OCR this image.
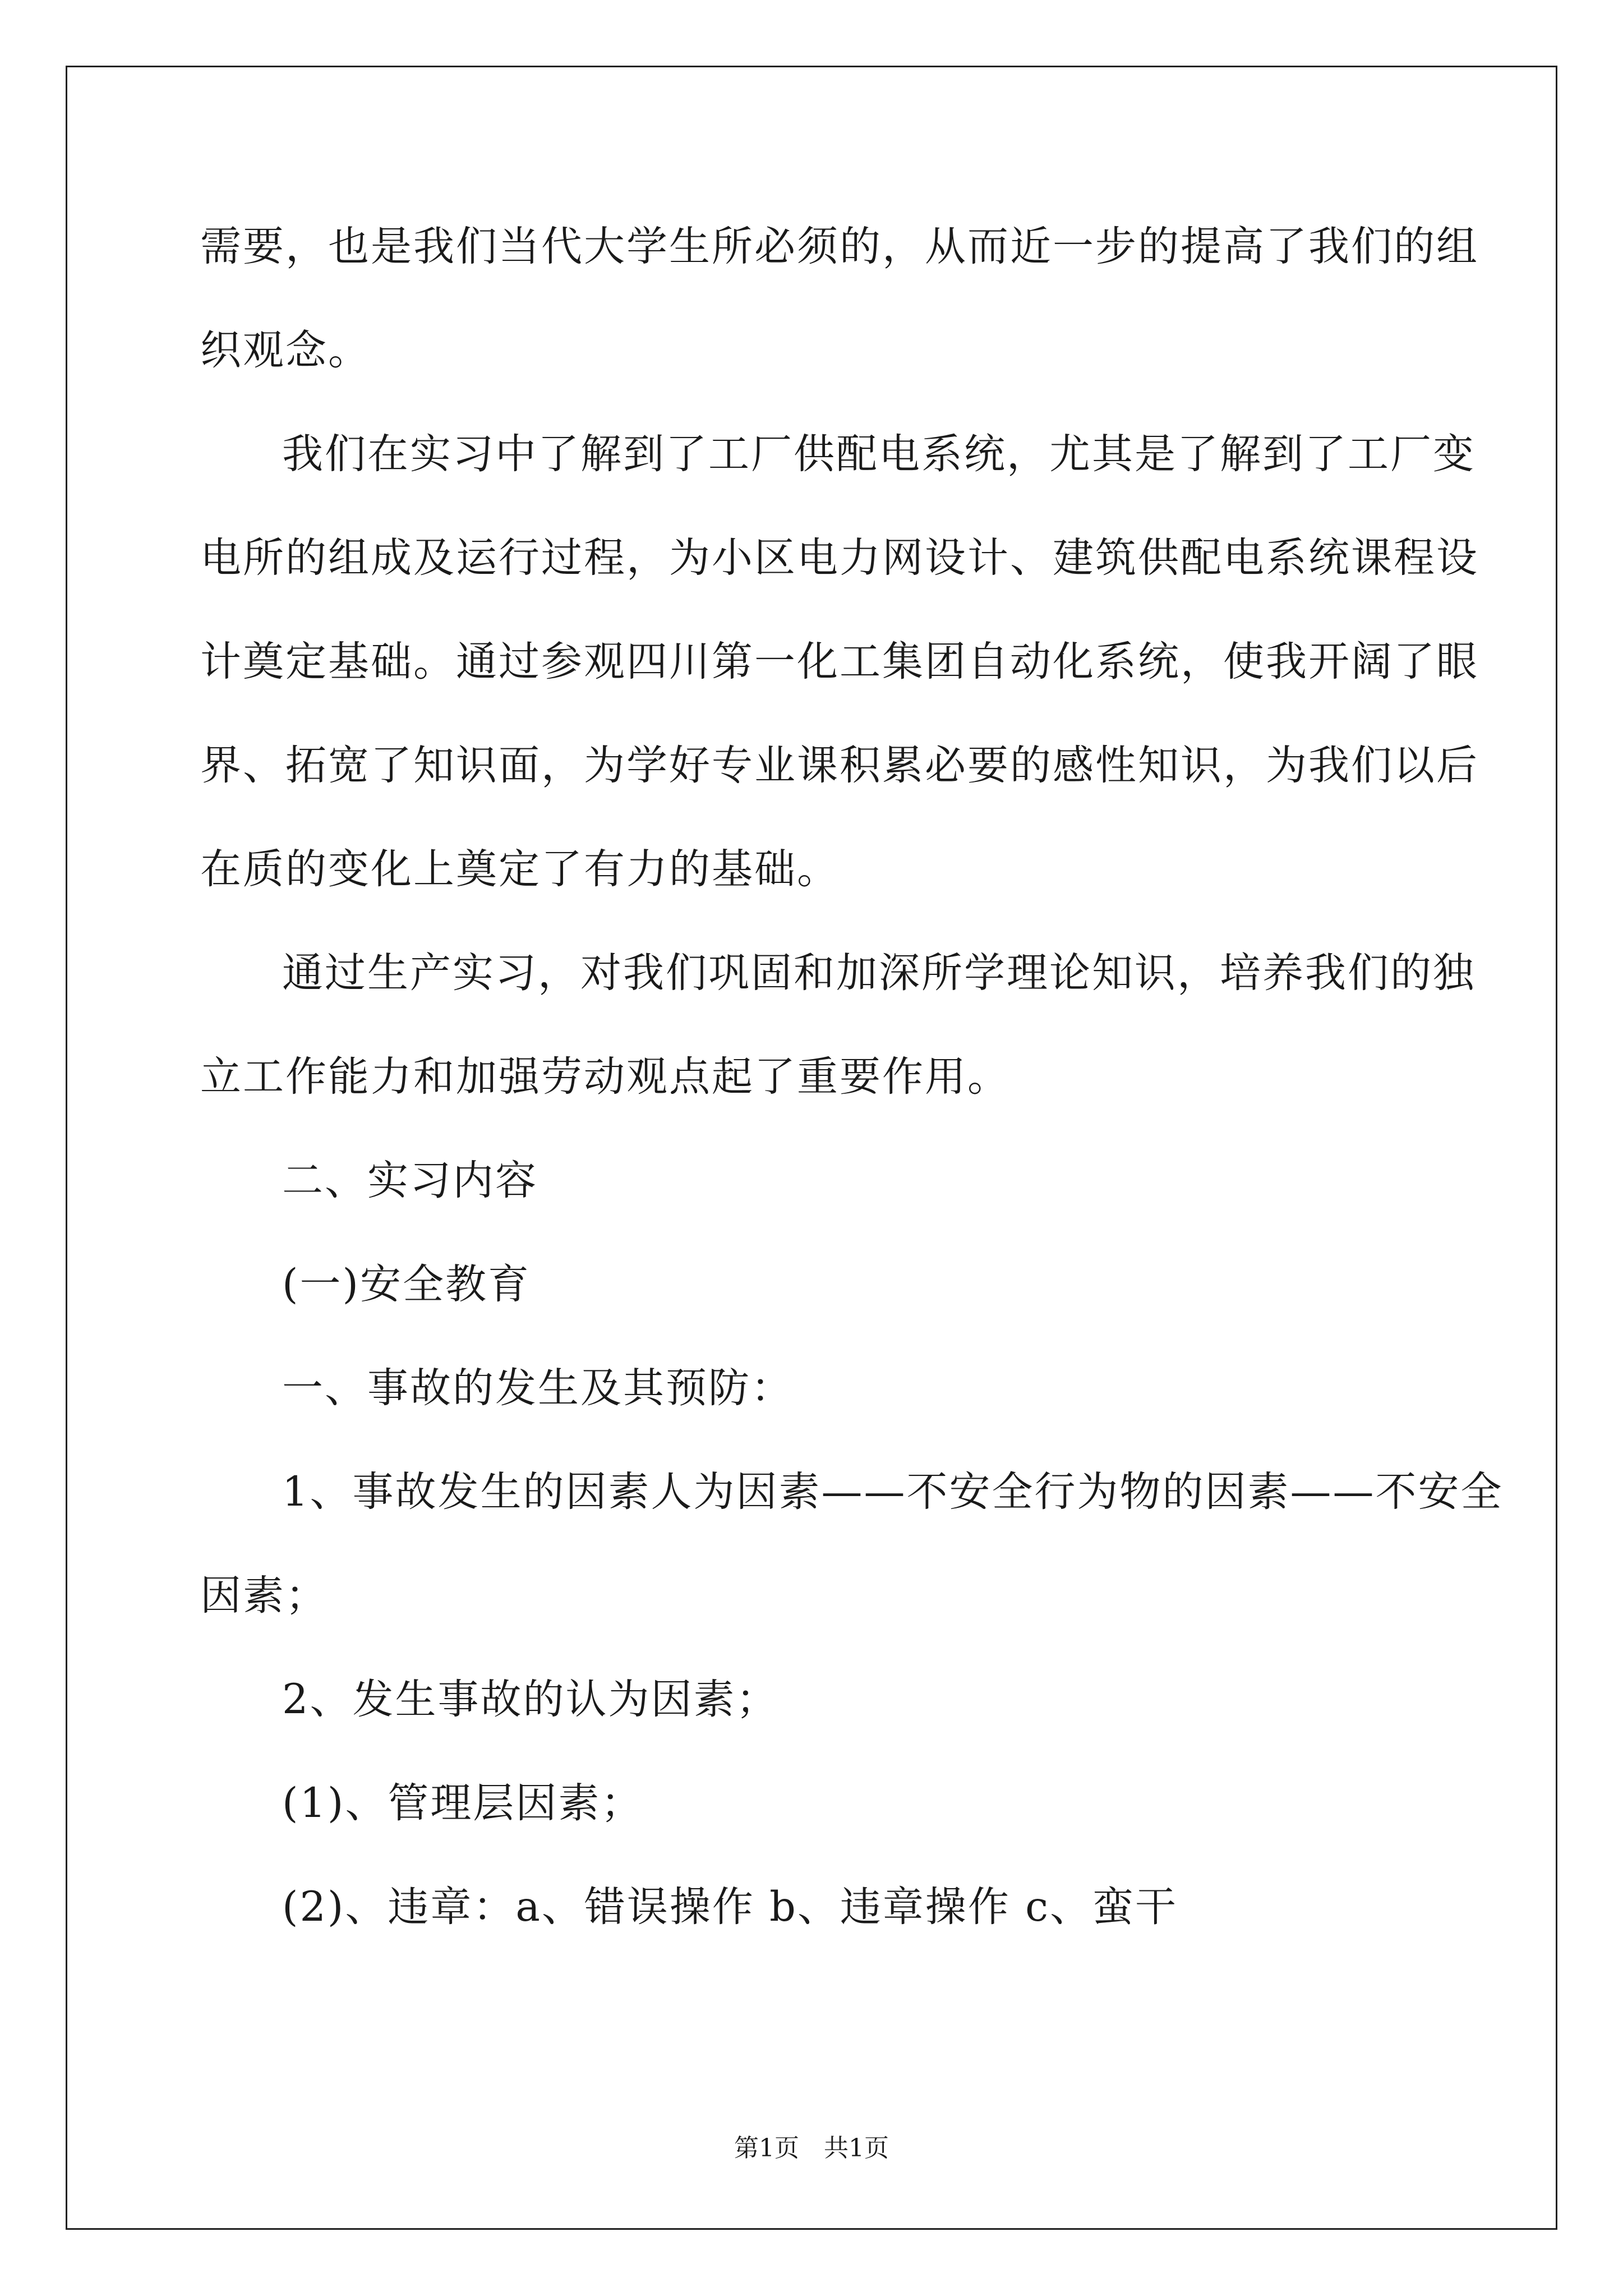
需要，也是我们当代大学生所必须的，从而近一步的提高了我们的组
织观念。
我们在实习中了解到了工厂供配电系统，尤其是了解到了工厂变
电所的组成及运行过程，为小区电力网设计、建筑供配电系统课程设
计奠定基础。通过参观四川第一化工集团自动化系统，使我开阔了眼
界、拓宽了知识面，为学好专业课积累必要的感性知识，为我们以后
在质的变化上奠定了有力的基础。
通过生产实习，对我们巩固和加深所学理论知识，培养我们的独
立工作能力和加强劳动观点起了重要作用。
二、实习内容
(一)安全教育
一、事故的发生及其预防：
1、事故发生的因素人为因素——不安全行为物的因素——不安全
因素；
2、发生事故的认为因素；
(1)、管理层因素；
(2)、违章：a、错误操作 b、违章操作 c、蛮干
第1页　共1页
